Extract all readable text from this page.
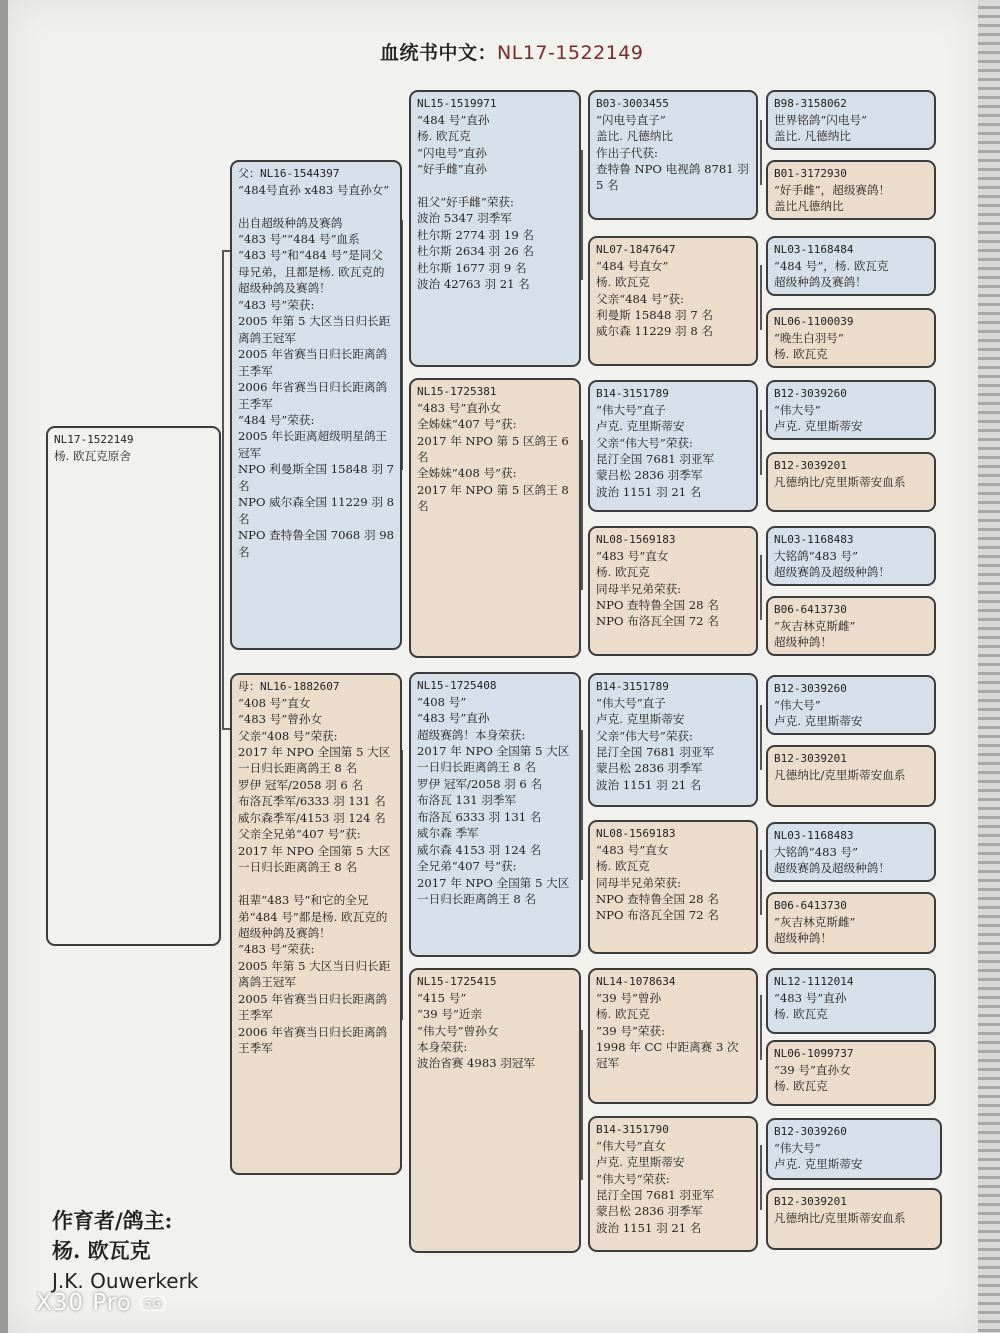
血统书中文：NL17-1522149
NL17-1522149
杨. 欧瓦克原舍
父：NL16-1544397
“484号直孙 x483 号直孙女”

出自超级种鸽及赛鸽
“483 号”“484 号”血系
“483 号”和“484 号”是同父母兄弟，且都是杨. 欧瓦克的超级种鸽及赛鸽！
“483 号”荣获:
2005 年第 5 大区当日归长距离鸽王冠军
2005 年省赛当日归长距离鸽王季军
2006 年省赛当日归长距离鸽王季军
“484 号”荣获:
2005 年长距离超级明星鸽王冠军
NPO 利曼斯全国 15848 羽 7 名
NPO 威尔森全国 11229 羽 8 名
NPO 查特鲁全国 7068 羽 98 名
母：NL16-1882607
“408 号”直女
“483 号”曾孙女
父亲“408 号”荣获:
2017 年 NPO 全国第 5 大区一日归长距离鸽王 8 名
罗伊 冠军/2058 羽 6 名
布洛瓦季军/6333 羽 131 名
威尔森季军/4153 羽 124 名
父亲全兄弟“407 号”获:
2017 年 NPO 全国第 5 大区一日归长距离鸽王 8 名

祖辈“483 号”和它的全兄弟“484 号”都是杨. 欧瓦克的超级种鸽及赛鸽！
“483 号”荣获:
2005 年第 5 大区当日归长距离鸽王冠军
2005 年省赛当日归长距离鸽王季军
2006 年省赛当日归长距离鸽王季军
NL15-1519971
“484 号”直孙
杨. 欧瓦克
“闪电号”直孙
“好手雌”直孙

祖父“好手雌”荣获:
波治 5347 羽季军
杜尔斯 2774 羽 19 名
杜尔斯 2634 羽 26 名
杜尔斯 1677 羽 9 名
波治 42763 羽 21 名
NL15-1725381
“483 号”直孙女
全姊妹“407 号”获:
2017 年 NPO 第 5 区鸽王 6 名
全姊妹“408 号”获:
2017 年 NPO 第 5 区鸽王 8 名
NL15-1725408
“408 号”
“483 号”直孙
超级赛鸽！本身荣获:
2017 年 NPO 全国第 5 大区一日归长距离鸽王 8 名
罗伊 冠军/2058 羽 6 名
布洛瓦 131 羽季军
布洛瓦 6333 羽 131 名
威尔森 季军
威尔森 4153 羽 124 名
全兄弟“407 号”获:
2017 年 NPO 全国第 5 大区一日归长距离鸽王 8 名
NL15-1725415
“415 号”
“39 号”近亲
“伟大号”曾孙女
本身荣获:
波治省赛 4983 羽冠军
B03-3003455
“闪电号直子”
盖比. 凡德纳比
作出子代获:
查特鲁 NPO 电视鸽 8781 羽 5 名
NL07-1847647
“484 号直女”
杨. 欧瓦克
父亲“484 号”获:
利曼斯 15848 羽 7 名
威尔森 11229 羽 8 名
B14-3151789
“伟大号”直子
卢克. 克里斯蒂安
父亲“伟大号”荣获:
昆汀全国 7681 羽亚军
蒙吕松 2836 羽季军
波治 1151 羽 21 名
NL08-1569183
“483 号”直女
杨. 欧瓦克
同母半兄弟荣获:
NPO 查特鲁全国 28 名
NPO 布洛瓦全国 72 名
B14-3151789
“伟大号”直子
卢克. 克里斯蒂安
父亲“伟大号”荣获:
昆汀全国 7681 羽亚军
蒙吕松 2836 羽季军
波治 1151 羽 21 名
NL08-1569183
“483 号”直女
杨. 欧瓦克
同母半兄弟荣获:
NPO 查特鲁全国 28 名
NPO 布洛瓦全国 72 名
NL14-1078634
“39 号”曾孙
杨. 欧瓦克
“39 号”荣获:
1998 年 CC 中距离赛 3 次冠军
B14-3151790
“伟大号”直女
卢克. 克里斯蒂安
“伟大号”荣获:
昆汀全国 7681 羽亚军
蒙吕松 2836 羽季军
波治 1151 羽 21 名
B98-3158062
世界铭鸽“闪电号”
盖比. 凡德纳比
B01-3172930
“好手雌”，超级赛鸽！
盖比凡德纳比
NL03-1168484
“484 号”，杨. 欧瓦克
超级种鸽及赛鸽！
NL06-1100039
“晚生白羽号”
杨. 欧瓦克
B12-3039260
“伟大号”
卢克. 克里斯蒂安
B12-3039201
凡德纳比/克里斯蒂安血系
NL03-1168483
大铭鸽“483 号”
超级赛鸽及超级种鸽！
B06-6413730
“灰吉林克斯雌”
超级种鸽！
B12-3039260
“伟大号”
卢克. 克里斯蒂安
B12-3039201
凡德纳比/克里斯蒂安血系
NL03-1168483
大铭鸽“483 号”
超级赛鸽及超级种鸽！
B06-6413730
“灰吉林克斯雌”
超级种鸽！
NL12-1112014
“483 号”直孙
杨. 欧瓦克
NL06-1099737
“39 号”直孙女
杨. 欧瓦克
B12-3039260
“伟大号”
卢克. 克里斯蒂安
B12-3039201
凡德纳比/克里斯蒂安血系
作育者/鸽主:
杨. 欧瓦克
J.K. Ouwerkerk
X30 Pro 5G
